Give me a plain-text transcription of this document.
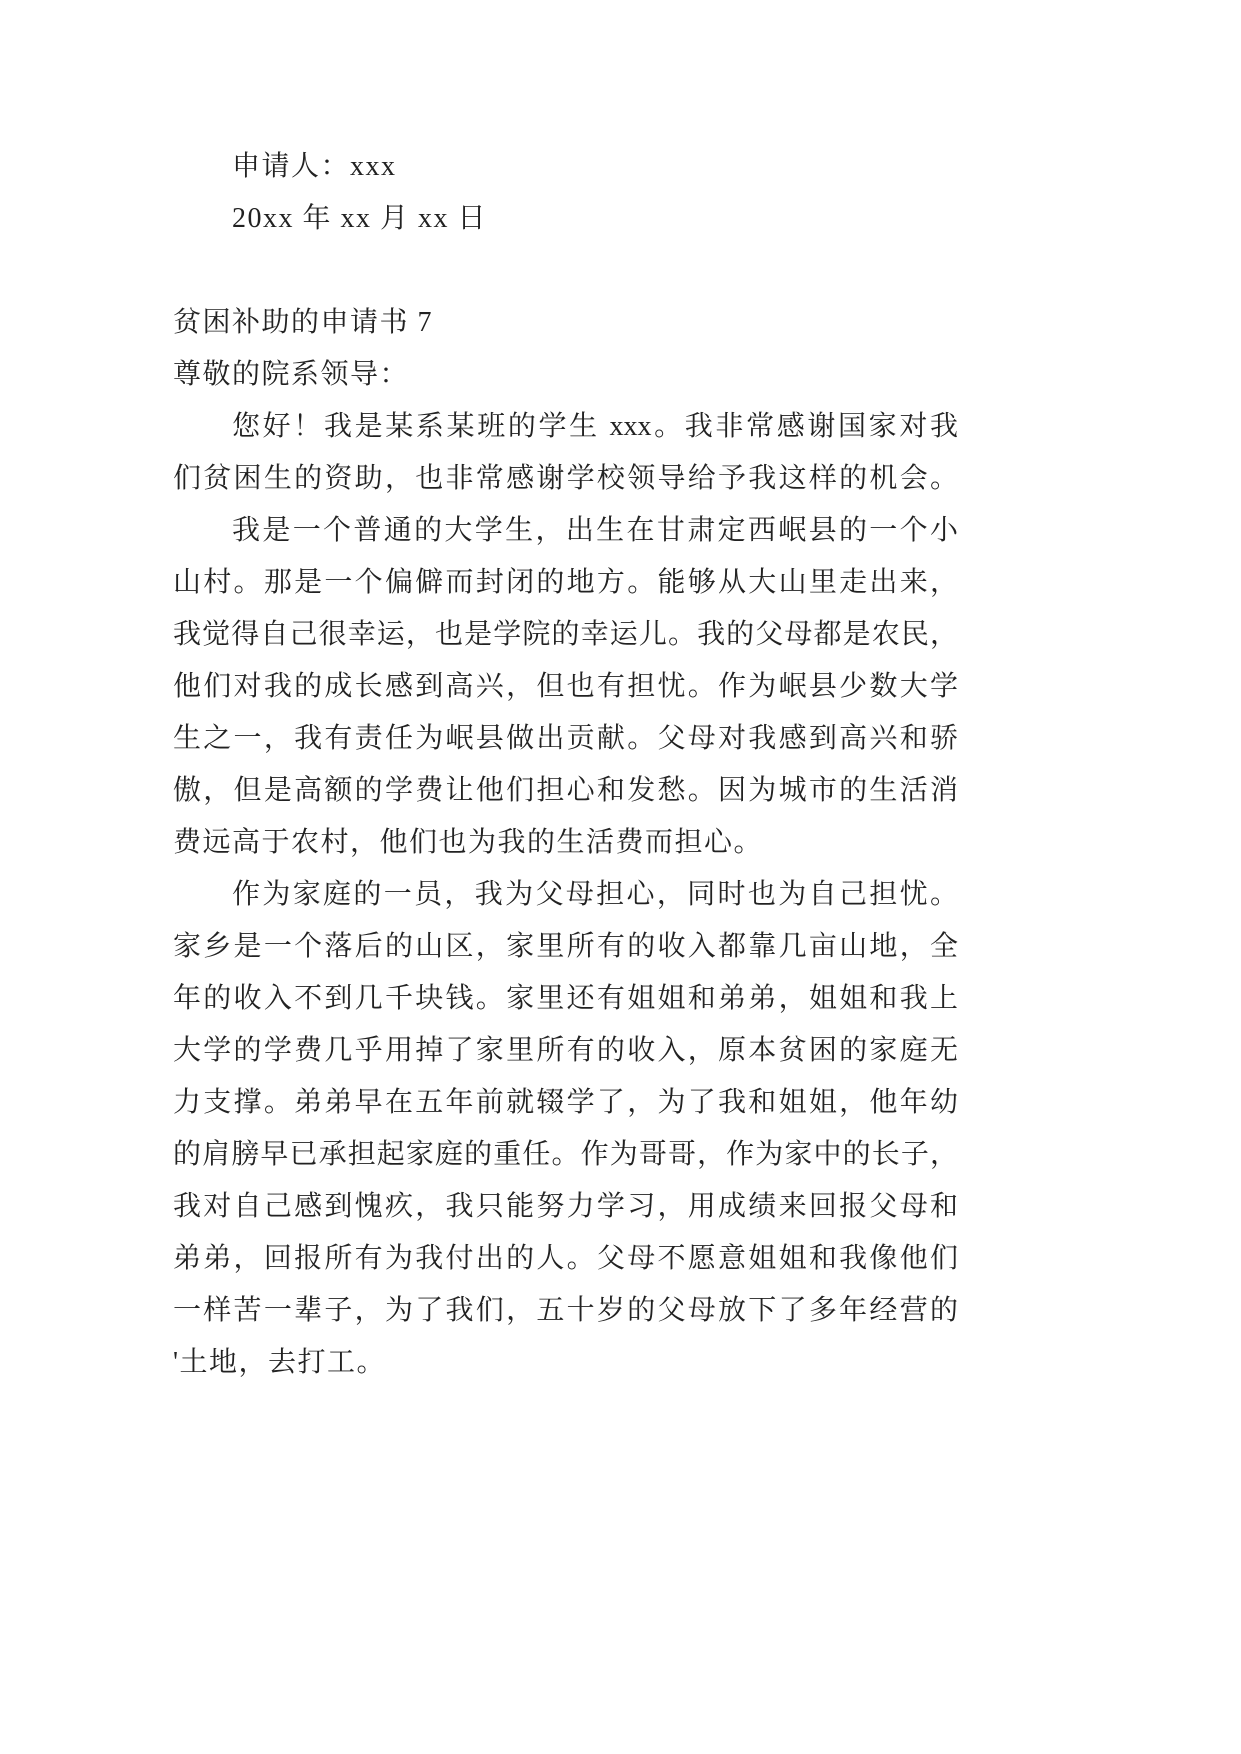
申请人：xxx
20xx 年 xx 月 xx 日
贫困补助的申请书 7
尊敬的院系领导：
您好！我是某系某班的学生 xxx。我非常感谢国家对我
们贫困生的资助，也非常感谢学校领导给予我这样的机会。
我是一个普通的大学生，出生在甘肃定西岷县的一个小
山村。那是一个偏僻而封闭的地方。能够从大山里走出来，
我觉得自己很幸运，也是学院的幸运儿。我的父母都是农民，
他们对我的成长感到高兴，但也有担忧。作为岷县少数大学
生之一，我有责任为岷县做出贡献。父母对我感到高兴和骄
傲，但是高额的学费让他们担心和发愁。因为城市的生活消
费远高于农村，他们也为我的生活费而担心。
作为家庭的一员，我为父母担心，同时也为自己担忧。
家乡是一个落后的山区，家里所有的收入都靠几亩山地，全
年的收入不到几千块钱。家里还有姐姐和弟弟，姐姐和我上
大学的学费几乎用掉了家里所有的收入，原本贫困的家庭无
力支撑。弟弟早在五年前就辍学了，为了我和姐姐，他年幼
的肩膀早已承担起家庭的重任。作为哥哥，作为家中的长子，
我对自己感到愧疚，我只能努力学习，用成绩来回报父母和
弟弟，回报所有为我付出的人。父母不愿意姐姐和我像他们
一样苦一辈子，为了我们，五十岁的父母放下了多年经营的
'土地，去打工。
